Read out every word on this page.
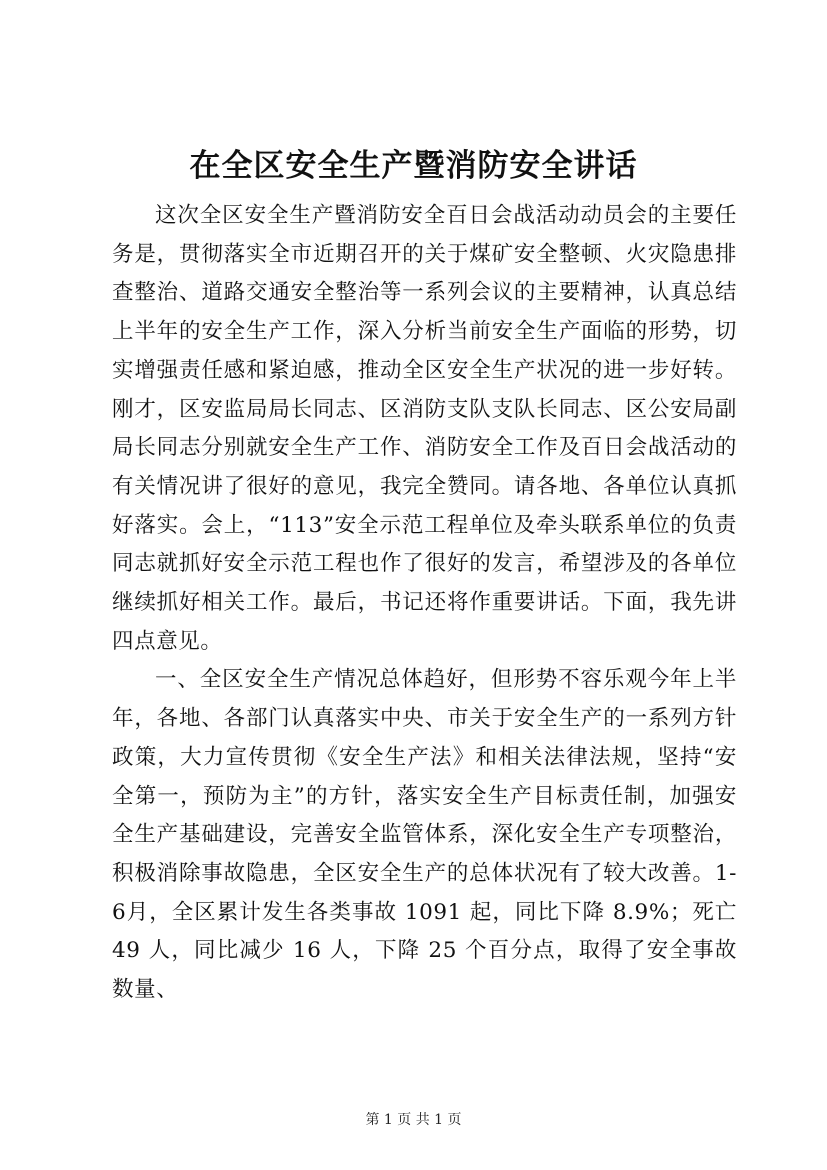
在全区安全生产暨消防安全讲话

这次全区安全生产暨消防安全百日会战活动动员会的主要任务是，贯彻落实全市近期召开的关于煤矿安全整顿、火灾隐患排查整治、道路交通安全整治等一系列会议的主要精神，认真总结上半年的安全生产工作，深入分析当前安全生产面临的形势，切实增强责任感和紧迫感，推动全区安全生产状况的进一步好转。刚才，区安监局局长同志、区消防支队支队长同志、区公安局副局长同志分别就安全生产工作、消防安全工作及百日会战活动的有关情况讲了很好的意见，我完全赞同。请各地、各单位认真抓好落实。会上，“113”安全示范工程单位及牵头联系单位的负责同志就抓好安全示范工程也作了很好的发言，希望涉及的各单位继续抓好相关工作。最后，书记还将作重要讲话。下面，我先讲四点意见。

一、全区安全生产情况总体趋好，但形势不容乐观今年上半年，各地、各部门认真落实中央、市关于安全生产的一系列方针政策，大力宣传贯彻《安全生产法》和相关法律法规，坚持“安全第一，预防为主”的方针，落实安全生产目标责任制，加强安全生产基础建设，完善安全监管体系，深化安全生产专项整治，积极消除事故隐患，全区安全生产的总体状况有了较大改善。1-6月，全区累计发生各类事故 1091 起，同比下降 8.9%；死亡 49 人，同比减少 16 人，下降 25 个百分点，取得了安全事故数量、

第 1 页 共 1 页
